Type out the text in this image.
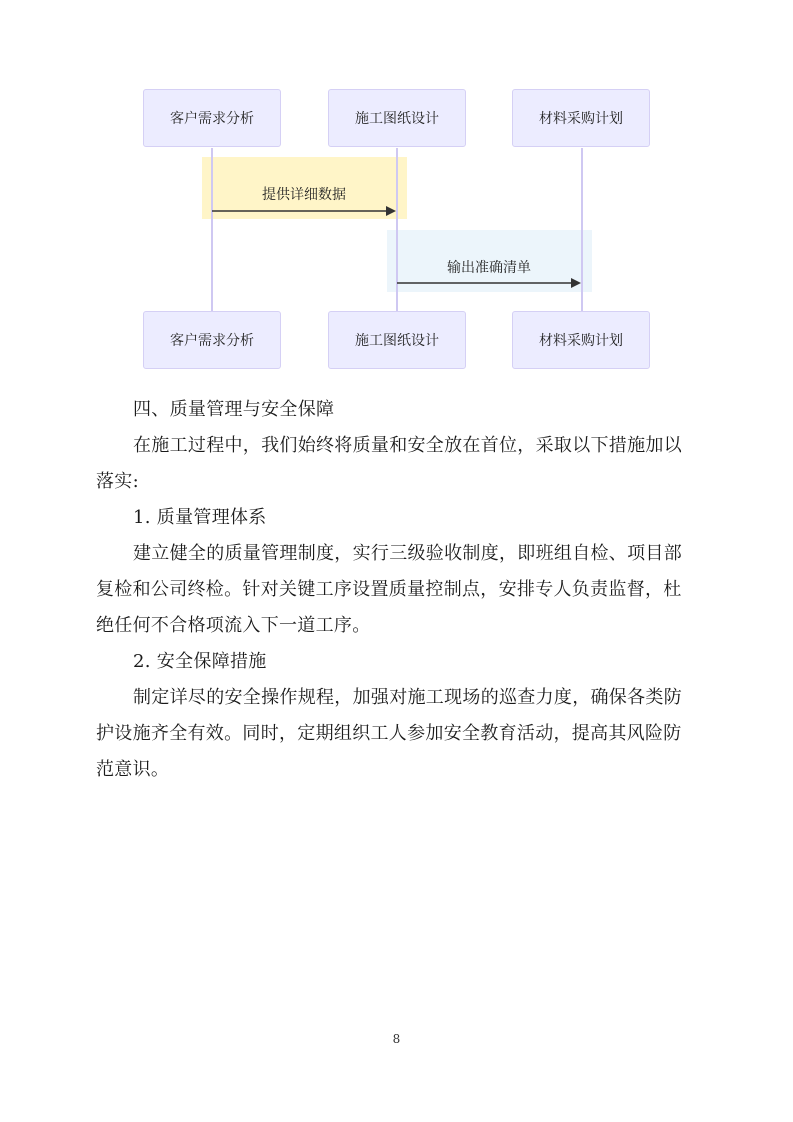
客户需求分析	施工图纸设计	材料采购计划
提供详细数据
输出准确清单
客户需求分析	施工图纸设计	材料采购计划

四、质量管理与安全保障

在施工过程中，我们始终将质量和安全放在首位，采取以下措施加以

落实:

1. 质量管理体系

建立健全的质量管理制度，实行三级验收制度，即班组自检、项目部

复检和公司终检。针对关键工序设置质量控制点，安排专人负责监督，杜

绝任何不合格项流入下一道工序。

2. 安全保障措施

制定详尽的安全操作规程，加强对施工现场的巡查力度，确保各类防

护设施齐全有效。同时，定期组织工人参加安全教育活动，提高其风险防

范意识。

8
